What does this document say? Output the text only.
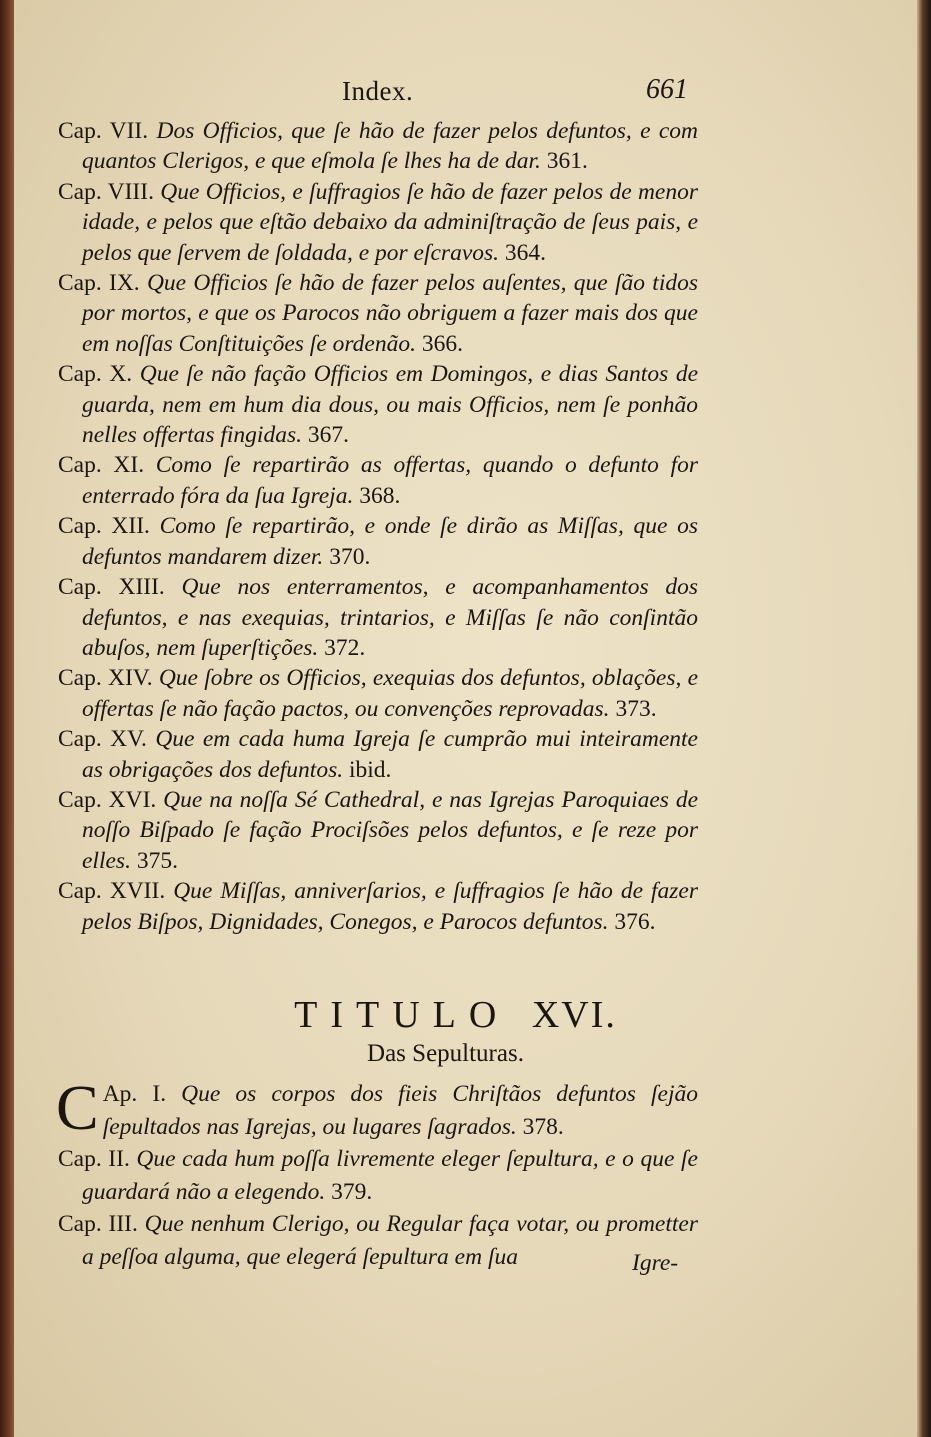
Index.	661

Cap. VII. Dos Officios, que ſe hão de fazer pelos defuntos, e com quantos Clerigos, e que eſmola ſe lhes ha de dar. 361.

Cap. VIII. Que Officios, e ſuffragios ſe hão de fazer pelos de menor idade, e pelos que eſtão debaixo da adminiſtração de ſeus pais, e pelos que ſervem de ſoldada, e por eſcravos. 364.

Cap. IX. Que Officios ſe hão de fazer pelos auſentes, que ſão tidos por mortos, e que os Parocos não obriguem a fazer mais dos que em noſſas Conſtituições ſe ordenão. 366.

Cap. X. Que ſe não fação Officios em Domingos, e dias Santos de guarda, nem em hum dia dous, ou mais Officios, nem ſe ponhão nelles offertas fingidas. 367.

Cap. XI. Como ſe repartirão as offertas, quando o defunto for enterrado fóra da ſua Igreja. 368.

Cap. XII. Como ſe repartirão, e onde ſe dirão as Miſſas, que os defuntos mandarem dizer. 370.

Cap. XIII. Que nos enterramentos, e acompanhamentos dos defuntos, e nas exequias, trintarios, e Miſſas ſe não conſintão abuſos, nem ſuperſtições. 372.

Cap. XIV. Que ſobre os Officios, exequias dos defuntos, oblações, e offertas ſe não fação pactos, ou convenções reprovadas. 373.

Cap. XV. Que em cada huma Igreja ſe cumprão mui inteiramente as obrigações dos defuntos. ibid.

Cap. XVI. Que na noſſa Sé Cathedral, e nas Igrejas Paroquiaes de noſſo Biſpado ſe fação Prociſsões pelos defuntos, e ſe reze por elles. 375.

Cap. XVII. Que Miſſas, anniverſarios, e ſuffragios ſe hão de fazer pelos Biſpos, Dignidades, Conegos, e Parocos defuntos. 376.

TITULO XVI.
Das Sepulturas.

C Ap. I. Que os corpos dos fieis Chriſtãos defuntos ſejão ſepultados nas Igrejas, ou lugares ſagrados. 378.

Cap. II. Que cada hum poſſa livremente eleger ſepultura, e o que ſe guardará não a elegendo. 379.

Cap. III. Que nenhum Clerigo, ou Regular faça votar, ou prometter a peſſoa alguma, que elegerá ſepultura em ſua	Igre-
